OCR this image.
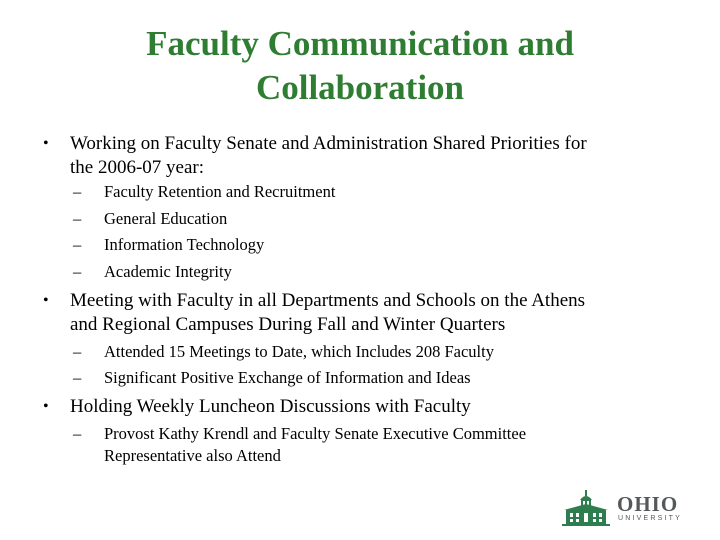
Faculty Communication and
Collaboration
• Working on Faculty Senate and Administration Shared Priorities for
the 2006-07 year:
– Faculty Retention and Recruitment
– General Education
– Information Technology
– Academic Integrity
• Meeting with Faculty in all Departments and Schools on the Athens
and Regional Campuses During Fall and Winter Quarters
– Attended 15 Meetings to Date, which Includes 208 Faculty
– Significant Positive Exchange of Information and Ideas
• Holding Weekly Luncheon Discussions with Faculty
– Provost Kathy Krendl and Faculty Senate Executive Committee
Representative also Attend
OHIO
UNIVERSITY
